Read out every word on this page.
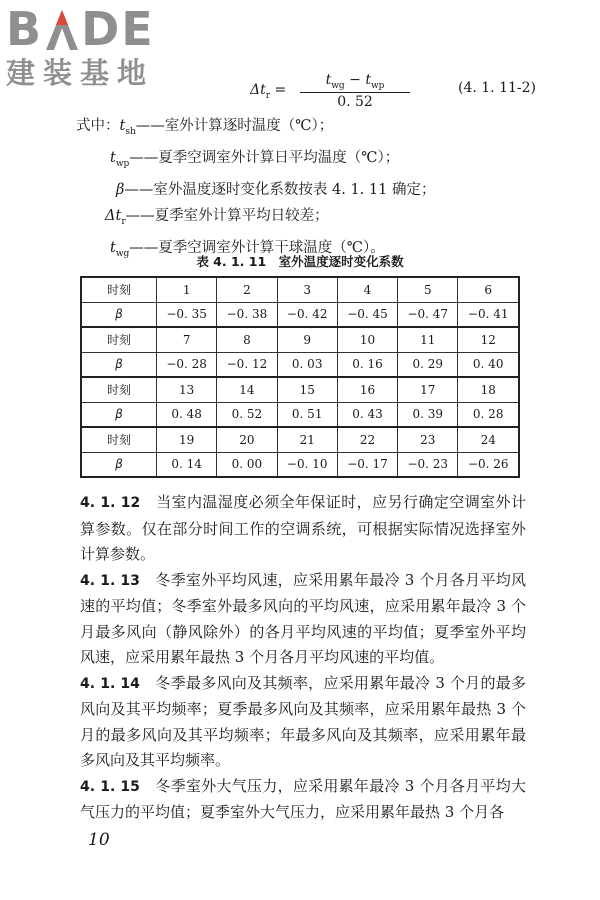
B DE
建装基地	$\Delta t_r$ =
$t_{wg} - t_{wp}$
0. 52
(4. 1. 11-2)
式中：$t_{sh}——$室外计算逐时温度（℃）；
$t_{wp}——$夏季空调室外计算日平均温度（℃）；
β——室外温度逐时变化系数按表 4. 1. 11 确定；
$\Delta t_r——$夏季室外计算平均日较差；
$t_{wg}——$夏季空调室外计算干球温度（℃）。
表 4. 1. 11　室外温度逐时变化系数
时刻	1	2	3	4	5	6
β	−0. 35	−0. 38	−0. 42	−0. 45	−0. 47	−0. 41
时刻	7	8	9	10	11	12
β	−0. 28	−0. 12	0. 03	0. 16	0. 29	0. 40
时刻	13	14	15	16	17	18
β	0. 48	0. 52	0. 51	0. 43	0. 39	0. 28
时刻	19	20	21	22	23	24
β	0. 14	0. 00	−0. 10	−0. 17	−0. 23	−0. 26

4. 1. 12　当室内温湿度必须全年保证时，应另行确定空调室外计算参数。仅在部分时间工作的空调系统，可根据实际情况选择室外计算参数。

4. 1. 13　冬季室外平均风速，应采用累年最冷 3 个月各月平均风速的平均值；冬季室外最多风向的平均风速，应采用累年最冷 3 个月最多风向（静风除外）的各月平均风速的平均值；夏季室外平均风速，应采用累年最热 3 个月各月平均风速的平均值。

4. 1. 14　冬季最多风向及其频率，应采用累年最冷 3 个月的最多风向及其平均频率；夏季最多风向及其频率，应采用累年最热 3 个月的最多风向及其平均频率；年最多风向及其频率，应采用累年最多风向及其平均频率。

4. 1. 15　冬季室外大气压力，应采用累年最冷 3 个月各月平均大气压力的平均值；夏季室外大气压力，应采用累年最热 3 个月各

10
